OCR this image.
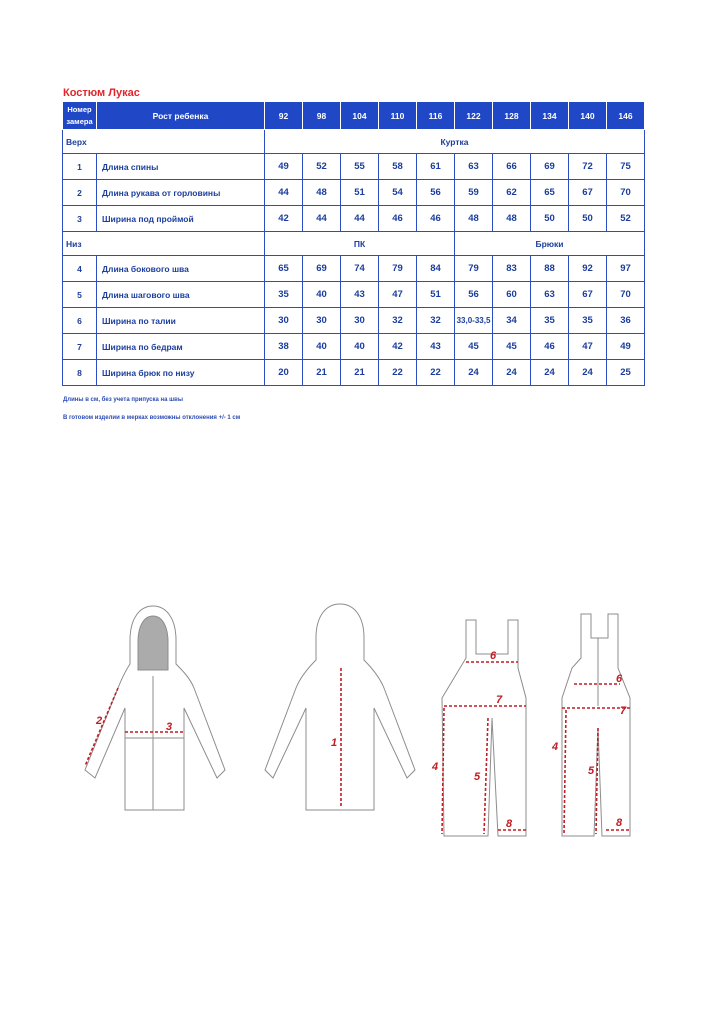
Костюм Лукас
Номер
замера	Рост ребенка	92	98	104	110	116	122	128	134	140	146
Верх		Куртка									
1	Длина спины	49	52	55	58	61	63	66	69	72	75
2	Длина рукава от горловины	44	48	51	54	56	59	62	65	67	70
3	Ширина под проймой	42	44	44	46	46	48	48	50	50	52
Низ		ПК					Брюки				
4	Длина бокового шва	65	69	74	79	84	79	83	88	92	97
5	Длина шагового шва	35	40	43	47	51	56	60	63	67	70
6	Ширина по талии	30	30	30	32	32	33,0-33,5	34	35	35	36
7	Ширина по бедрам	38	40	40	42	43	45	45	46	47	49
8	Ширина брюк по низу	20	21	21	22	22	24	24	24	24	25
Длины в см, без учета припуска на швы
В готовом изделии в мерках возможны отклонения +/- 1 см
2	3
1
6
7
4
5
8
6
7
4
5
8
